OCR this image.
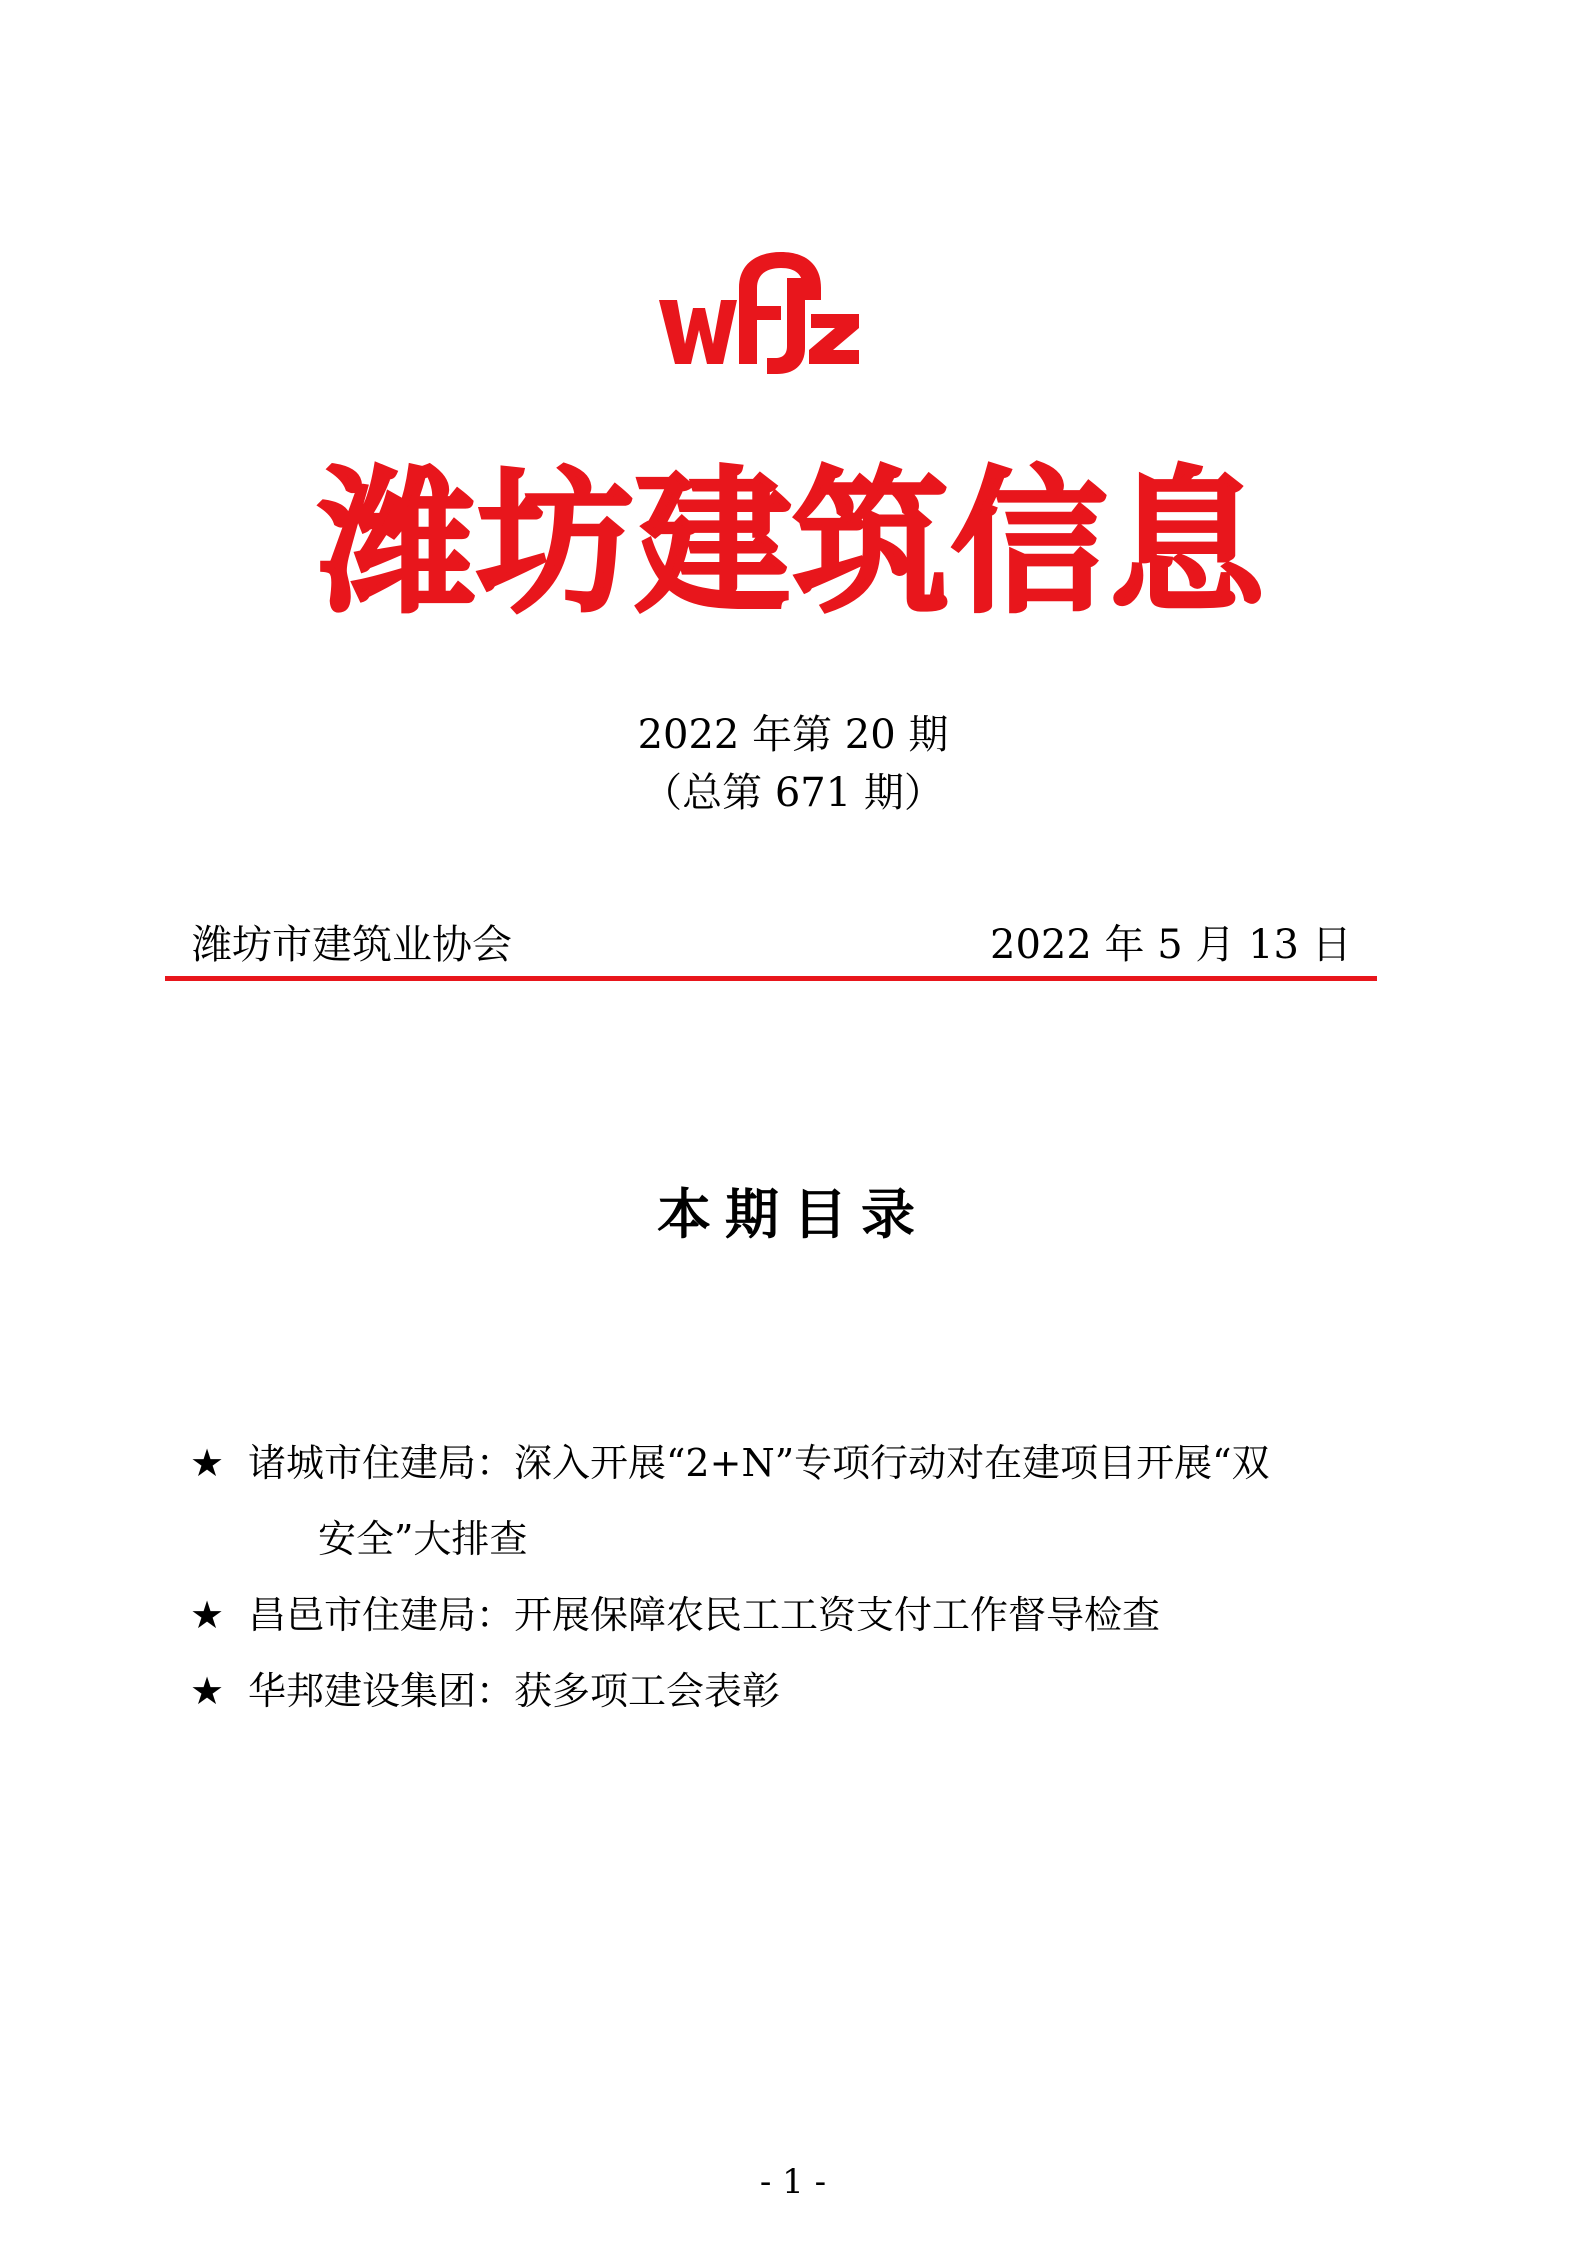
潍坊建筑信息
2022 年第 20 期
（总第 671 期）
潍坊市建筑业协会	2022 年 5 月 13 日
本期目录
★ 诸城市住建局：深入开展“2+N”专项行动对在建项目开展“双
安全”大排查
★ 昌邑市住建局：开展保障农民工工资支付工作督导检查
★ 华邦建设集团：获多项工会表彰
- 1 -
